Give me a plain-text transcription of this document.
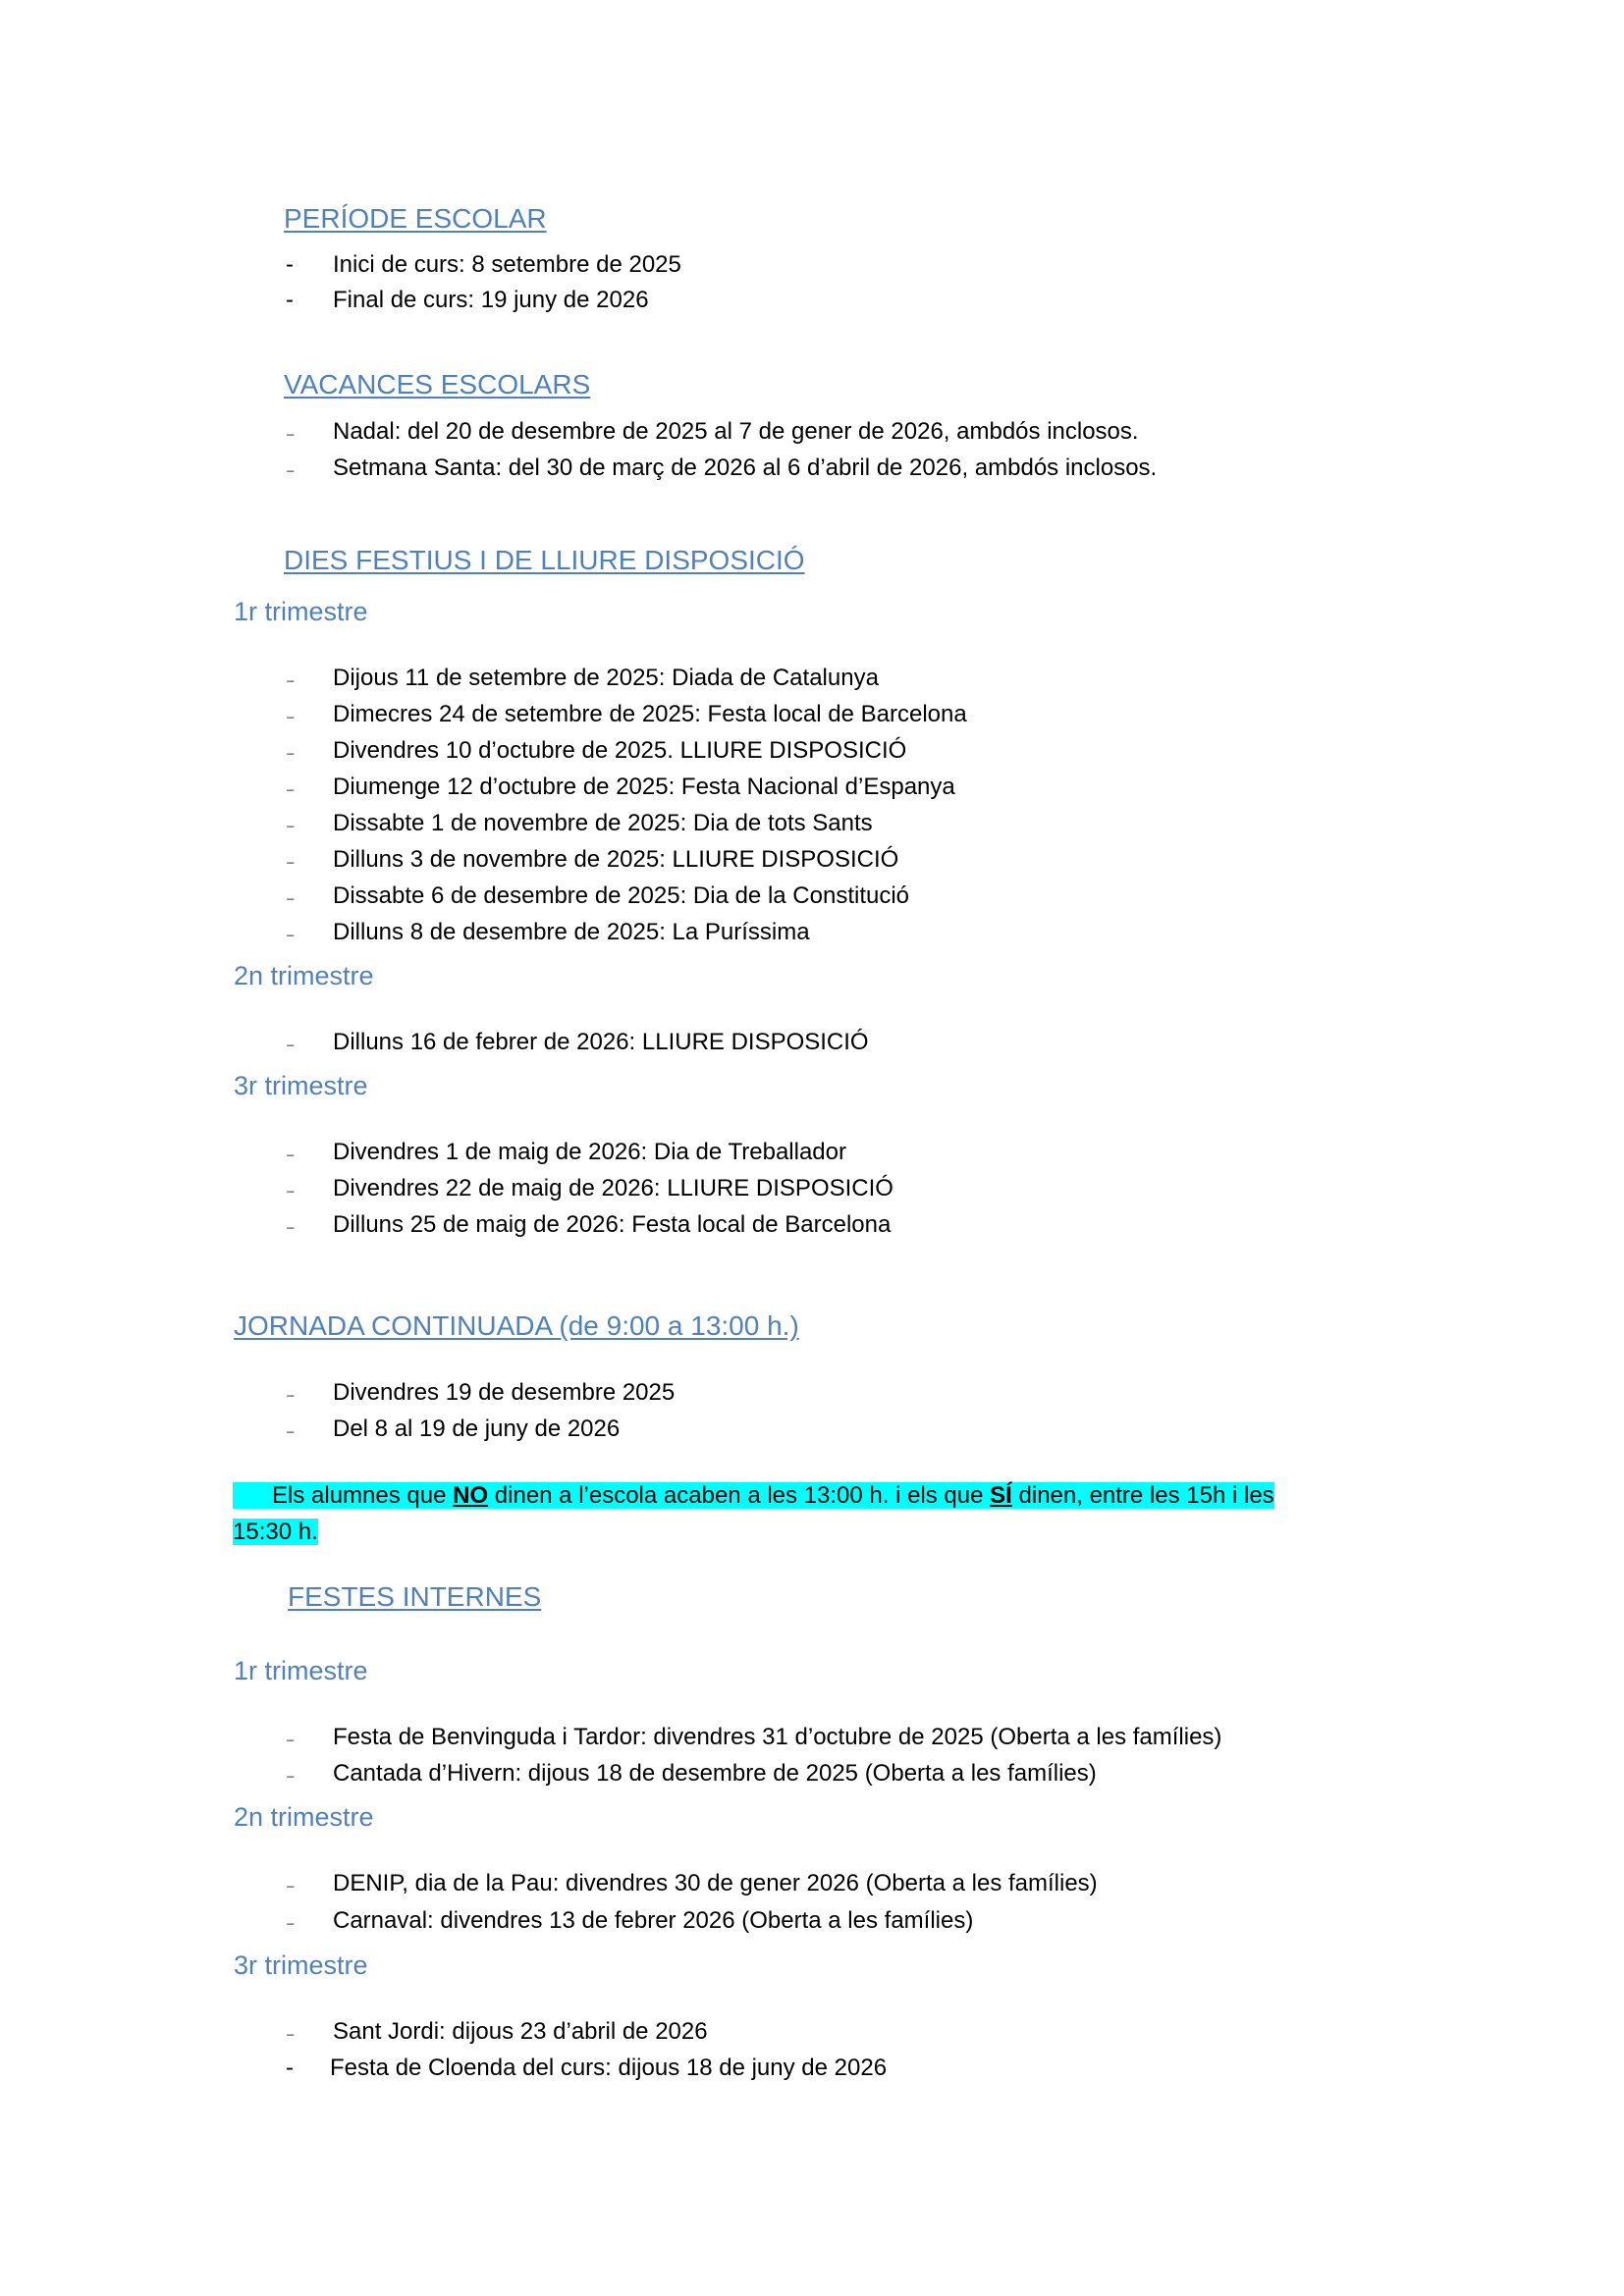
PERÍODE ESCOLAR
- Inici de curs: 8 setembre de 2025
- Final de curs: 19 juny de 2026
VACANCES ESCOLARS
₋ Nadal: del 20 de desembre de 2025 al 7 de gener de 2026, ambdós inclosos.
₋ Setmana Santa: del 30 de març de 2026 al 6 d’abril de 2026, ambdós inclosos.
DIES FESTIUS I DE LLIURE DISPOSICIÓ
1r trimestre
₋ Dijous 11 de setembre de 2025: Diada de Catalunya
₋ Dimecres 24 de setembre de 2025: Festa local de Barcelona
₋ Divendres 10 d’octubre de 2025. LLIURE DISPOSICIÓ
₋ Diumenge 12 d’octubre de 2025: Festa Nacional d’Espanya
₋ Dissabte 1 de novembre de 2025: Dia de tots Sants
₋ Dilluns 3 de novembre de 2025: LLIURE DISPOSICIÓ
₋ Dissabte 6 de desembre de 2025: Dia de la Constitució
₋ Dilluns 8 de desembre de 2025: La Puríssima
2n trimestre
₋ Dilluns 16 de febrer de 2026: LLIURE DISPOSICIÓ
3r trimestre
₋ Divendres 1 de maig de 2026: Dia de Treballador
₋ Divendres 22 de maig de 2026: LLIURE DISPOSICIÓ
₋ Dilluns 25 de maig de 2026: Festa local de Barcelona
JORNADA CONTINUADA (de 9:00 a 13:00 h.)
₋ Divendres 19 de desembre 2025
₋ Del 8 al 19 de juny de 2026
Els alumnes que NO dinen a l’escola acaben a les 13:00 h. i els que SÍ dinen, entre les 15h i les 15:30 h.
FESTES INTERNES
1r trimestre
₋ Festa de Benvinguda i Tardor: divendres 31 d’octubre de 2025 (Oberta a les famílies)
₋ Cantada d’Hivern: dijous 18 de desembre de 2025 (Oberta a les famílies)
2n trimestre
₋ DENIP, dia de la Pau: divendres 30 de gener 2026 (Oberta a les famílies)
₋ Carnaval: divendres 13 de febrer 2026 (Oberta a les famílies)
3r trimestre
₋ Sant Jordi: dijous 23 d’abril de 2026
- Festa de Cloenda del curs: dijous 18 de juny de 2026
